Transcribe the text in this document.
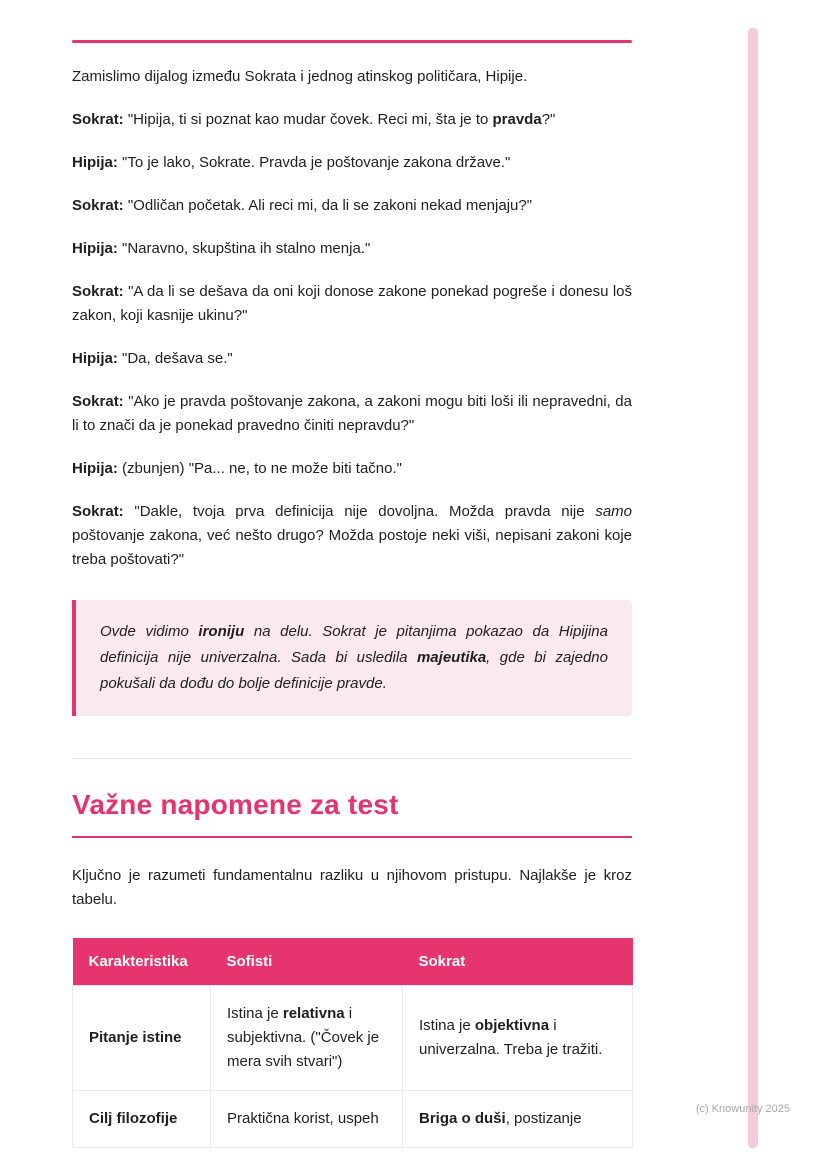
Zamislimo dijalog između Sokrata i jednog atinskog političara, Hipije.

Sokrat: "Hipija, ti si poznat kao mudar čovek. Reci mi, šta je to pravda?"

Hipija: "To je lako, Sokrate. Pravda je poštovanje zakona države."

Sokrat: "Odličan početak. Ali reci mi, da li se zakoni nekad menjaju?"

Hipija: "Naravno, skupština ih stalno menja."

Sokrat: "A da li se dešava da oni koji donose zakone ponekad pogreše i donesu loš zakon, koji kasnije ukinu?"

Hipija: "Da, dešava se."

Sokrat: "Ako je pravda poštovanje zakona, a zakoni mogu biti loši ili nepravedni, da li to znači da je ponekad pravedno činiti nepravdu?"

Hipija: (zbunjen) "Pa... ne, to ne može biti tačno."

Sokrat: "Dakle, tvoja prva definicija nije dovoljna. Možda pravda nije samo poštovanje zakona, već nešto drugo? Možda postoje neki viši, nepisani zakoni koje treba poštovati?"

Ovde vidimo ironiju na delu. Sokrat je pitanjima pokazao da Hipijina definicija nije univerzalna. Sada bi usledila majeutika, gde bi zajedno pokušali da dođu do bolje definicije pravde.

Važne napomene za test

Ključno je razumeti fundamentalnu razliku u njihovom pristupu. Najlakše je kroz tabelu.

Karakteristika	Sofisti	Sokrat
Pitanje istine	Istina je relativna i subjektivna. ("Čovek je mera svih stvari")	Istina je objektivna i univerzalna. Treba je tražiti.
Cilj filozofije	Praktična korist, uspeh	Briga o duši, postizanje
(c) Knowunity 2025
